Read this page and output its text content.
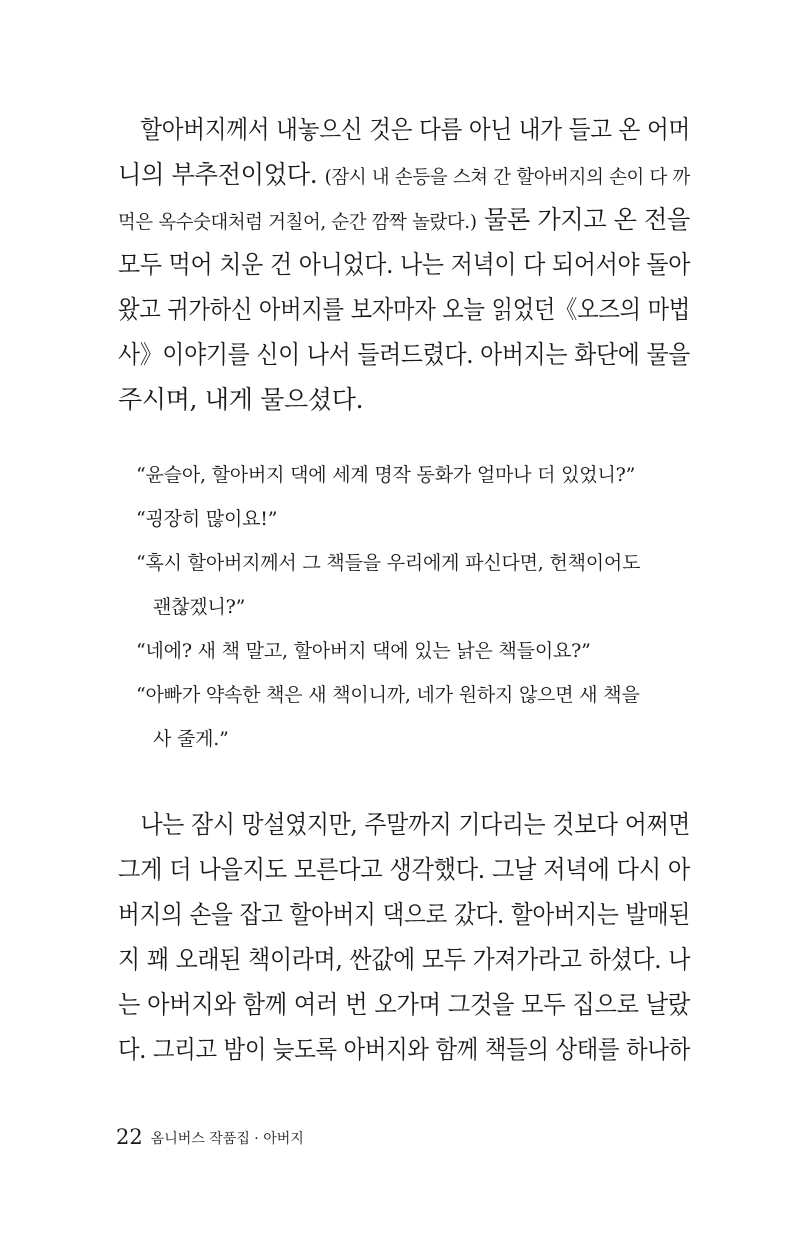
　할아버지께서 내놓으신 것은 다름 아닌 내가 들고 온 어머
니의 부추전이었다. (잠시 내 손등을 스쳐 간 할아버지의 손이 다 까
먹은 옥수숫대처럼 거칠어, 순간 깜짝 놀랐다.) 물론 가지고 온 전을
모두 먹어 치운 건 아니었다. 나는 저녁이 다 되어서야 돌아
왔고 귀가하신 아버지를 보자마자 오늘 읽었던《오즈의 마법
사》이야기를 신이 나서 들려드렸다. 아버지는 화단에 물을
주시며, 내게 물으셨다.
“윤슬아, 할아버지 댁에 세계 명작 동화가 얼마나 더 있었니?”
“굉장히 많이요!”
“혹시 할아버지께서 그 책들을 우리에게 파신다면, 헌책이어도
괜찮겠니?”
“네에? 새 책 말고, 할아버지 댁에 있는 낡은 책들이요?”
“아빠가 약속한 책은 새 책이니까, 네가 원하지 않으면 새 책을
사 줄게.”
　나는 잠시 망설였지만, 주말까지 기다리는 것보다 어쩌면
그게 더 나을지도 모른다고 생각했다. 그날 저녁에 다시 아
버지의 손을 잡고 할아버지 댁으로 갔다. 할아버지는 발매된
지 꽤 오래된 책이라며, 싼값에 모두 가져가라고 하셨다. 나
는 아버지와 함께 여러 번 오가며 그것을 모두 집으로 날랐
다. 그리고 밤이 늦도록 아버지와 함께 책들의 상태를 하나하
22 옴니버스 작품집 · 아버지
